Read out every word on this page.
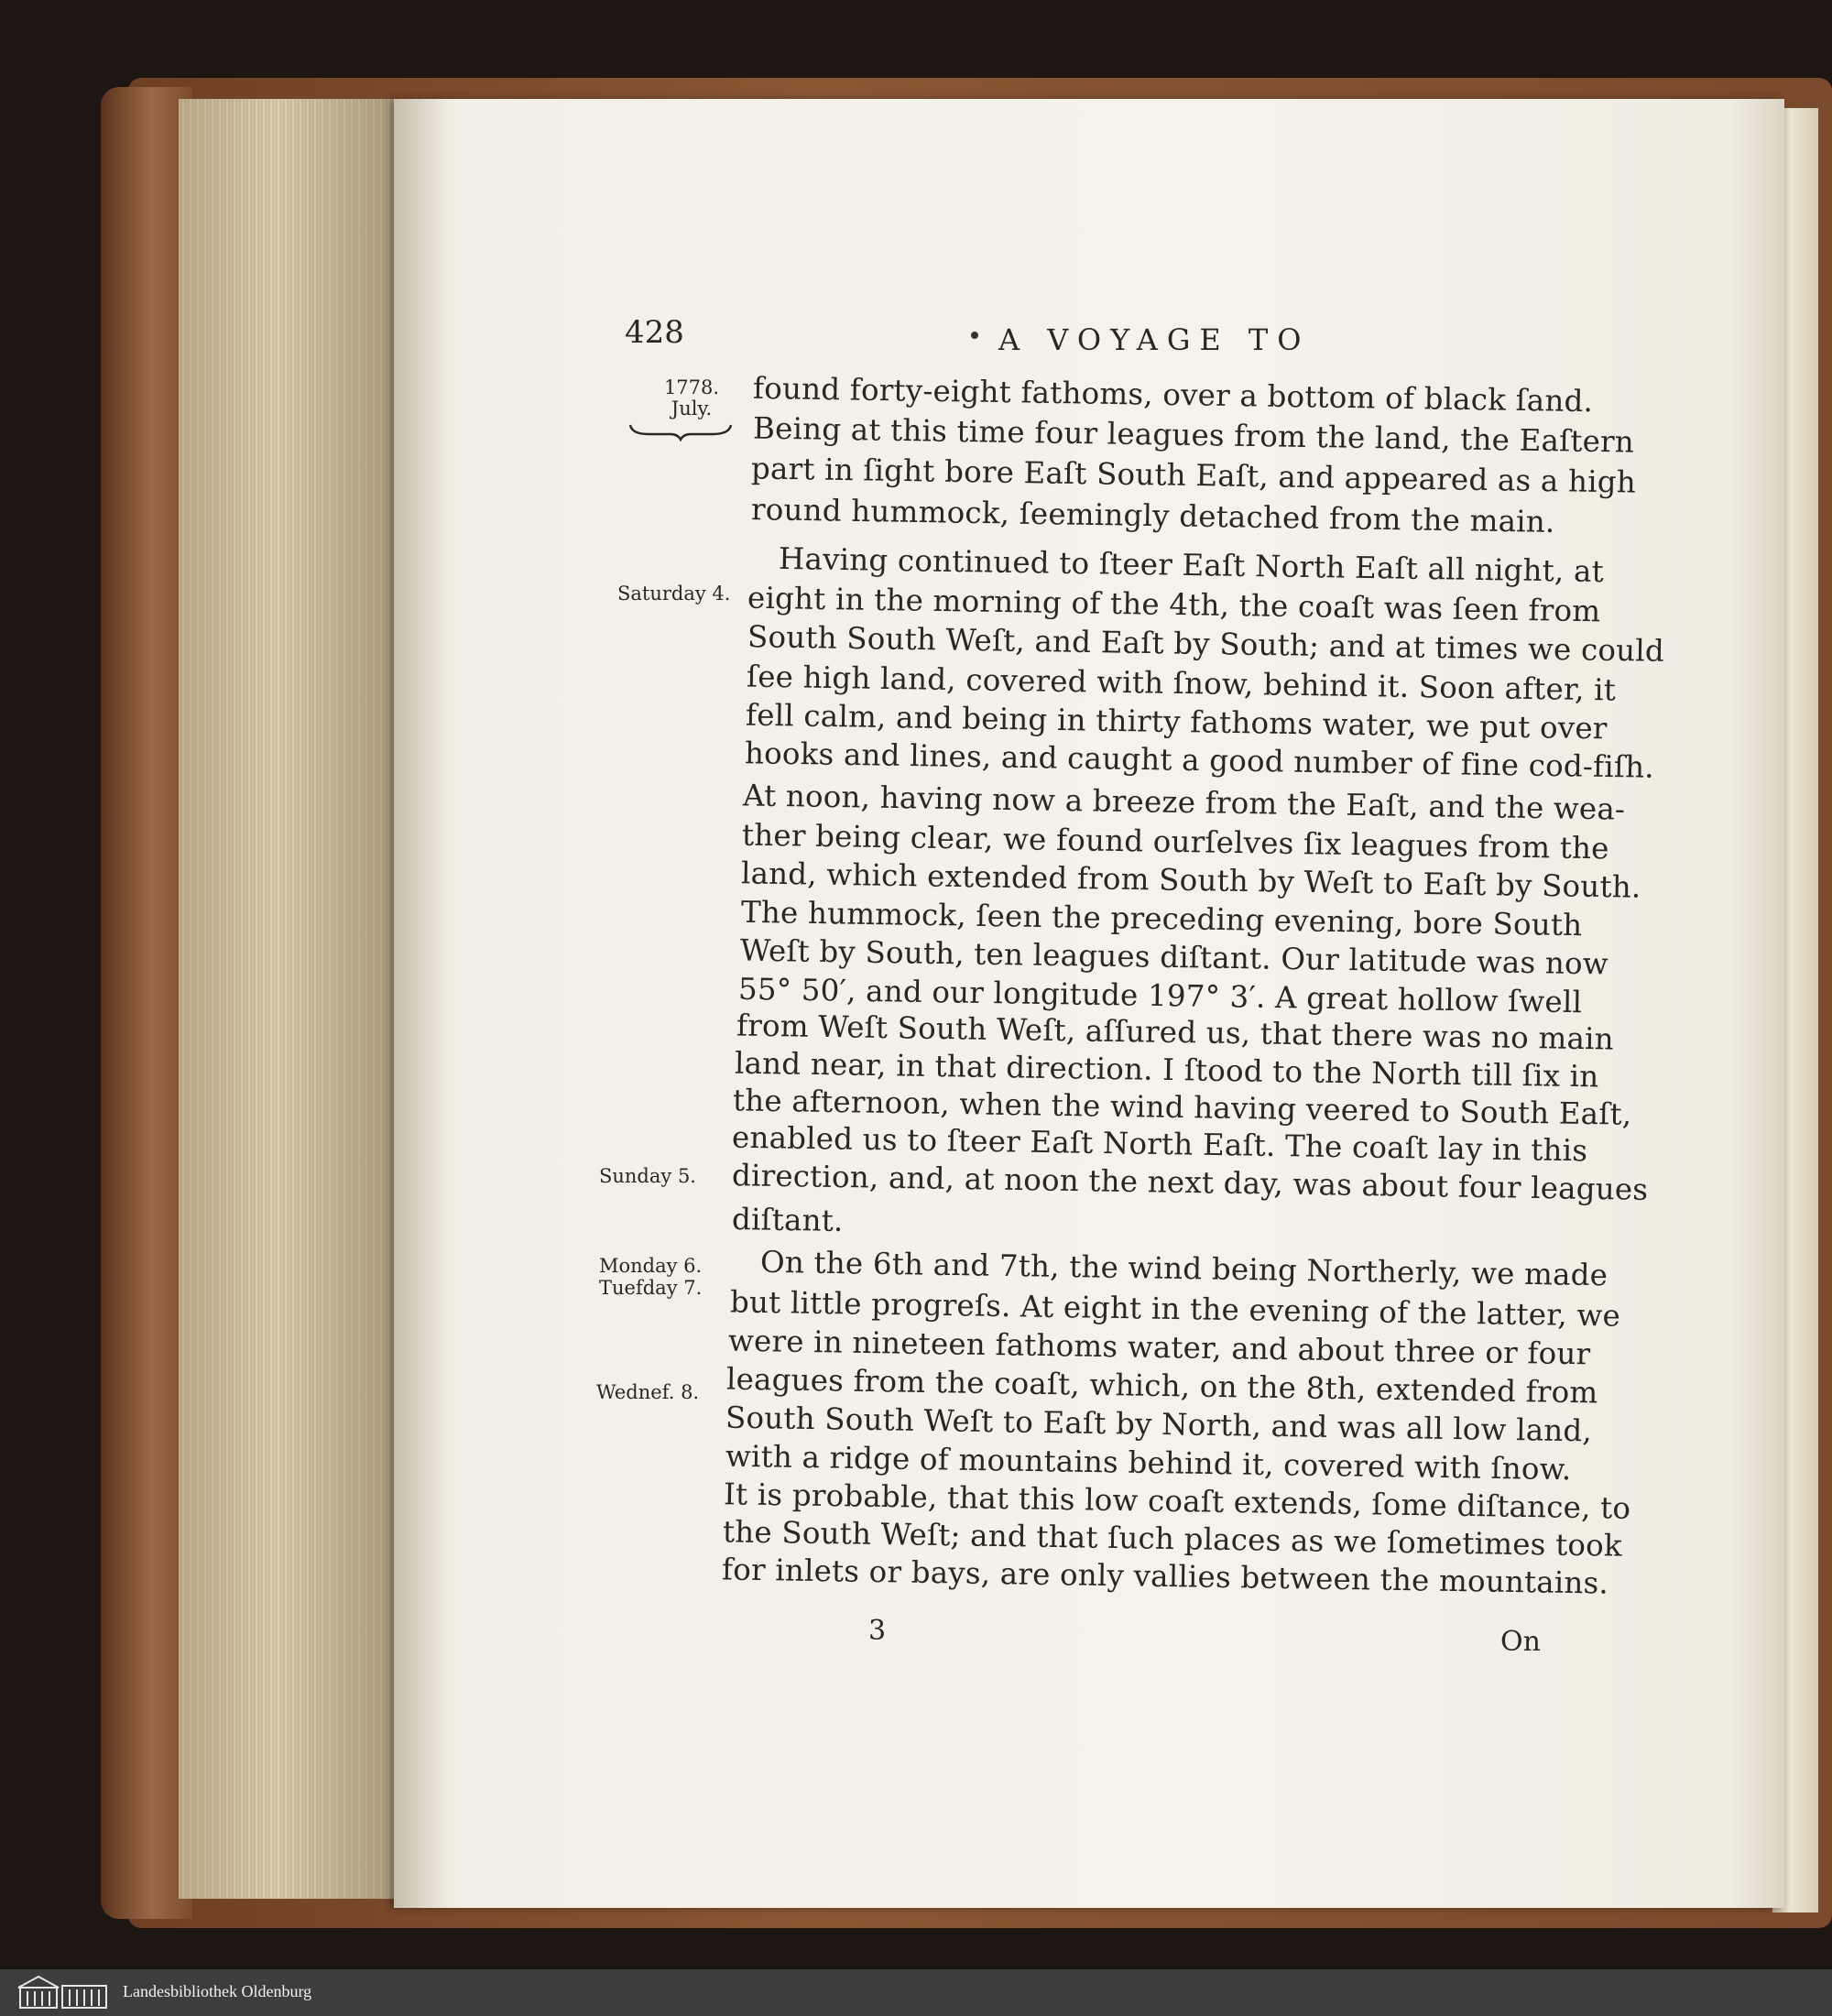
428	A VOYAGE TO
1778.
July.
Saturday 4.
Sunday 5.
Monday 6.
Tuefday 7.
Wednef. 8.
found forty-eight fathoms, over a bottom of black ſand.
Being at this time four leagues from the land, the Eaſtern
part in ſight bore Eaſt South Eaſt, and appeared as a high
round hummock, ſeemingly detached from the main.
Having continued to ſteer Eaſt North Eaſt all night, at
eight in the morning of the 4th, the coaſt was ſeen from
South South Weſt, and Eaſt by South; and at times we could
ſee high land, covered with ſnow, behind it. Soon after, it
fell calm, and being in thirty fathoms water, we put over
hooks and lines, and caught a good number of fine cod-fiſh.
At noon, having now a breeze from the Eaſt, and the wea-
ther being clear, we found ourſelves ſix leagues from the
land, which extended from South by Weſt to Eaſt by South.
The hummock, ſeen the preceding evening, bore South
Weſt by South, ten leagues diſtant. Our latitude was now
55° 50′, and our longitude 197° 3′. A great hollow ſwell
from Weſt South Weſt, aſſured us, that there was no main
land near, in that direction. I ſtood to the North till ſix in
the afternoon, when the wind having veered to South Eaſt,
enabled us to ſteer Eaſt North Eaſt. The coaſt lay in this
direction, and, at noon the next day, was about four leagues
diſtant.
On the 6th and 7th, the wind being Northerly, we made
but little progreſs. At eight in the evening of the latter, we
were in nineteen fathoms water, and about three or four
leagues from the coaſt, which, on the 8th, extended from
South South Weſt to Eaſt by North, and was all low land,
with a ridge of mountains behind it, covered with ſnow.
It is probable, that this low coaſt extends, ſome diſtance, to
the South Weſt; and that ſuch places as we ſometimes took
for inlets or bays, are only vallies between the mountains.
3	On
Landesbibliothek Oldenburg
